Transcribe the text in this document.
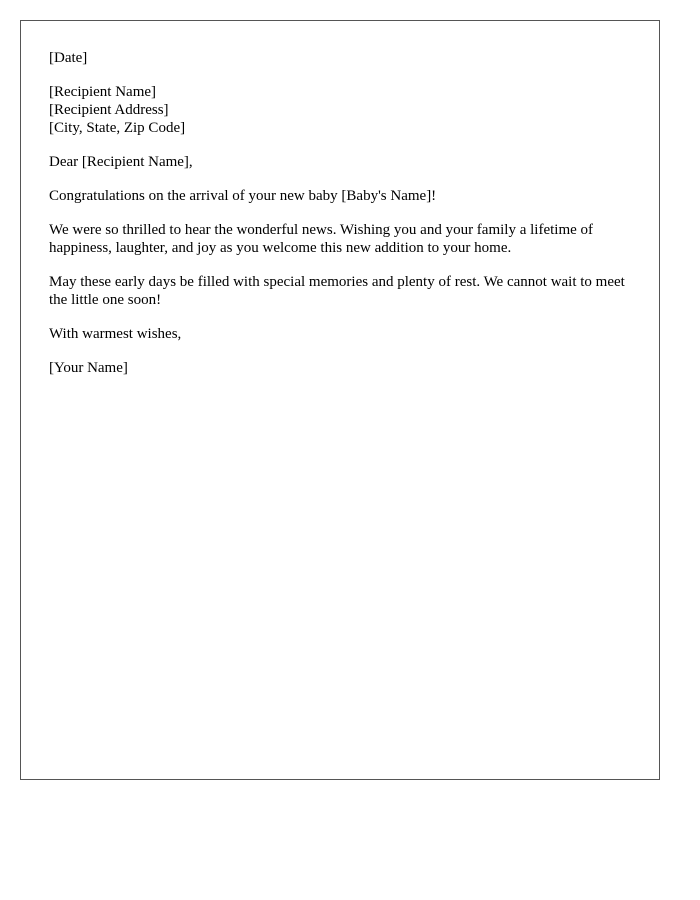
[Date]
[Recipient Name]
[Recipient Address]
[City, State, Zip Code]
Dear [Recipient Name],
Congratulations on the arrival of your new baby [Baby's Name]!
We were so thrilled to hear the wonderful news. Wishing you and your family a lifetime of happiness, laughter, and joy as you welcome this new addition to your home.
May these early days be filled with special memories and plenty of rest. We cannot wait to meet the little one soon!
With warmest wishes,
[Your Name]
